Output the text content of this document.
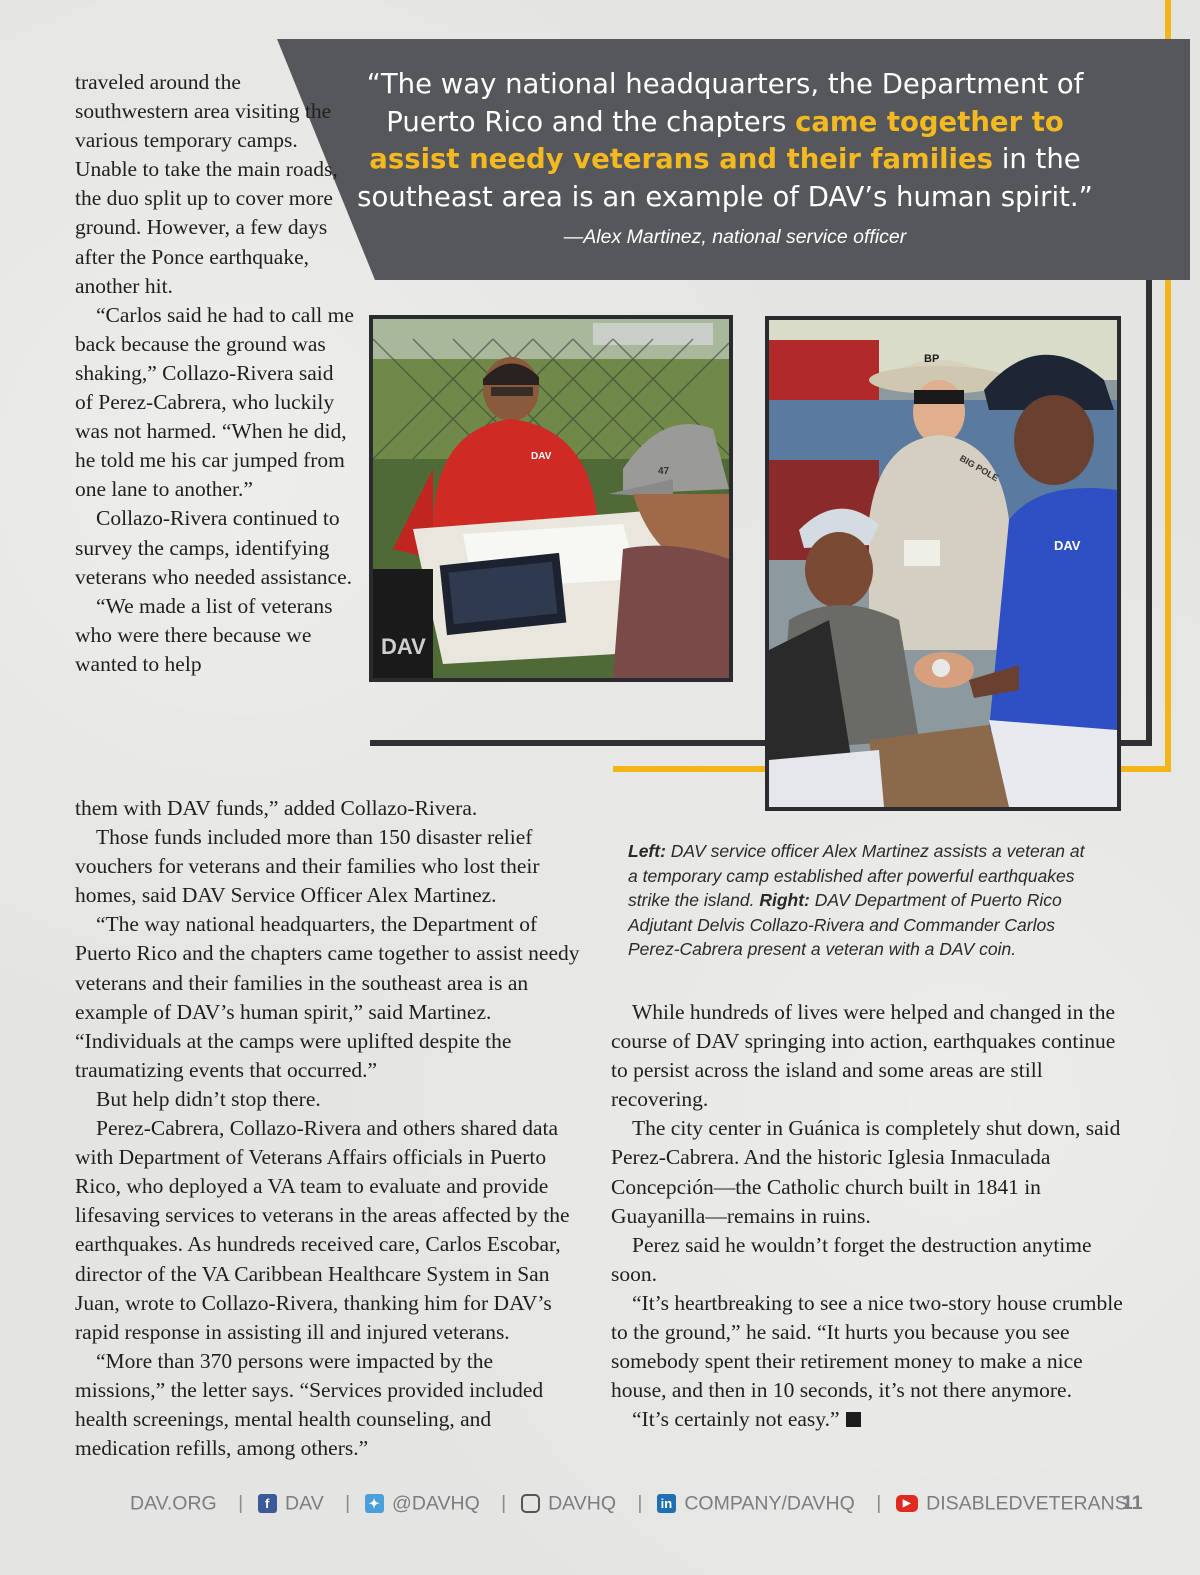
“The way national headquarters, the Department of Puerto Rico and the chapters came together to assist needy veterans and their families in the southeast area is an example of DAV’s human spirit.”

—Alex Martinez, national service officer

traveled around the southwestern area visiting the various temporary camps. Unable to take the main roads, the duo split up to cover more ground. However, a few days after the Ponce earthquake, another hit.

“Carlos said he had to call me back because the ground was shaking,” Collazo-Rivera said of Perez-Cabrera, who luckily was not harmed. “When he did, he told me his car jumped from one lane to another.”

Collazo-Rivera continued to survey the camps, identifying veterans who needed assistance.

“We made a list of veterans who were there because we wanted to help

them with DAV funds,” added Collazo-Rivera.

Those funds included more than 150 disaster relief vouchers for veterans and their families who lost their homes, said DAV Service Officer Alex Martinez.

“The way national headquarters, the Department of Puerto Rico and the chapters came together to assist needy veterans and their families in the southeast area is an example of DAV’s human spirit,” said Martinez. “Individuals at the camps were uplifted despite the traumatizing events that occurred.”

But help didn’t stop there.

Perez-Cabrera, Collazo-Rivera and others shared data with Department of Veterans Affairs officials in Puerto Rico, who deployed a VA team to evaluate and provide lifesaving services to veterans in the areas affected by the earthquakes. As hundreds received care, Carlos Escobar, director of the VA Caribbean Healthcare System in San Juan, wrote to Collazo-Rivera, thanking him for DAV’s rapid response in assisting ill and injured veterans.

“More than 370 persons were impacted by the missions,” the letter says. “Services provided included health screenings, mental health counseling, and medication refills, among others.”

DAV
DAV
47
BP
BIG POLE
DAV

Left: DAV service officer Alex Martinez assists a veteran at a temporary camp established after powerful earthquakes strike the island. Right: DAV Department of Puerto Rico Adjutant Delvis Collazo-Rivera and Commander Carlos Perez-Cabrera present a veteran with a DAV coin.

While hundreds of lives were helped and changed in the course of DAV springing into action, earthquakes continue to persist across the island and some areas are still recovering.

The city center in Guánica is completely shut down, said Perez-Cabrera. And the historic Iglesia Inmaculada Concepción—the Catholic church built in 1841 in Guayanilla—remains in ruins.

Perez said he wouldn’t forget the destruction anytime soon.

“It’s heartbreaking to see a nice two-story house crumble to the ground,” he said. “It hurts you because you see somebody spent their retirement money to make a nice house, and then in 10 seconds, it’s not there anymore.

“It’s certainly not easy.”

DAV.ORG |	f DAV |	✦ @DAVHQ | DAVHQ | in COMPANY/DAVHQ |	▶ DISABLEDVETERANS
11
